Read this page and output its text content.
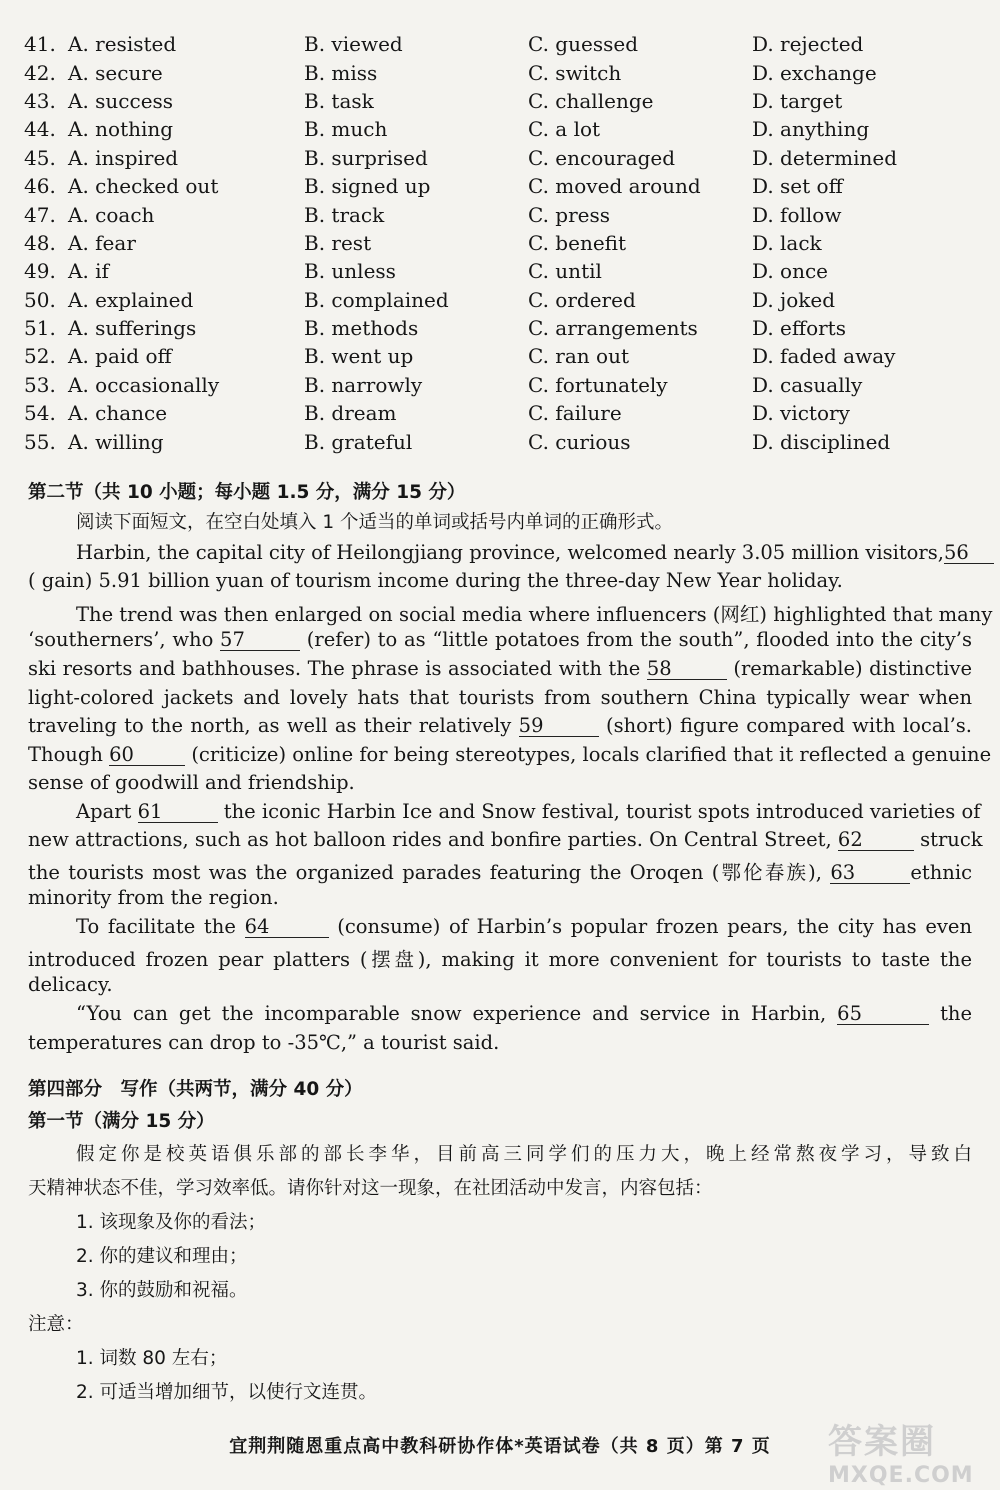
41. A. resisted	B. viewed	C. guessed	D. rejected
42. A. secure	B. miss	C. switch	D. exchange
43. A. success	B. task	C. challenge	D. target
44. A. nothing	B. much	C. a lot	D. anything
45. A. inspired	B. surprised	C. encouraged	D. determined
46. A. checked out	B. signed up	C. moved around	D. set off
47. A. coach	B. track	C. press	D. follow
48. A. fear	B. rest	C. benefit	D. lack
49. A. if	B. unless	C. until	D. once
50. A. explained	B. complained	C. ordered	D. joked
51. A. sufferings	B. methods	C. arrangements	D. efforts
52. A. paid off	B. went up	C. ran out	D. faded away
53. A. occasionally	B. narrowly	C. fortunately	D. casually
54. A. chance	B. dream	C. failure	D. victory
55. A. willing	B. grateful	C. curious	D. disciplined
第二节（共 10 小题；每小题 1.5 分，满分 15 分）
阅读下面短文，在空白处填入 1 个适当的单词或括号内单词的正确形式。
Harbin, the capital city of Heilongjiang province, welcomed nearly 3.05 million visitors,56
( gain) 5.91 billion yuan of tourism income during the three-day New Year holiday.
The trend was then enlarged on social media where influencers (网红) highlighted that many
‘southerners’, who 57	(refer) to as “little potatoes from the south”, flooded into the city’s
ski resorts and bathhouses. The phrase is associated with the 58	(remarkable) distinctive
light-colored jackets and lovely hats that tourists from southern China typically wear when
traveling to the north, as well as their relatively 59	(short) figure compared with local’s.
Though 60	(criticize) online for being stereotypes, locals clarified that it reflected a genuine
sense of goodwill and friendship.
Apart 61	the iconic Harbin Ice and Snow festival, tourist spots introduced varieties of
new attractions, such as hot balloon rides and bonfire parties. On Central Street, 62	struck
the tourists most was the organized parades featuring the Oroqen (鄂伦春族), 63	ethnic
minority from the region.
To facilitate the 64	(consume) of Harbin’s popular frozen pears, the city has even
introduced frozen pear platters (摆盘), making it more convenient for tourists to taste the
delicacy.
“You can get the incomparable snow experience and service in Harbin, 65	the
temperatures can drop to -35℃,” a tourist said.
第四部分　写作（共两节，满分 40 分）
第一节（满分 15 分）
假定你是校英语俱乐部的部长李华，目前高三同学们的压力大，晚上经常熬夜学习，导致白
天精神状态不佳，学习效率低。请你针对这一现象，在社团活动中发言，内容包括：
1. 该现象及你的看法；
2. 你的建议和理由；
3. 你的鼓励和祝福。
注意：
1. 词数 80 左右；
2. 可适当增加细节，以使行文连贯。
宜荆荆随恩重点高中教科研协作体*英语试卷（共 8 页）第 7 页	答案圈
MXQE.COM
